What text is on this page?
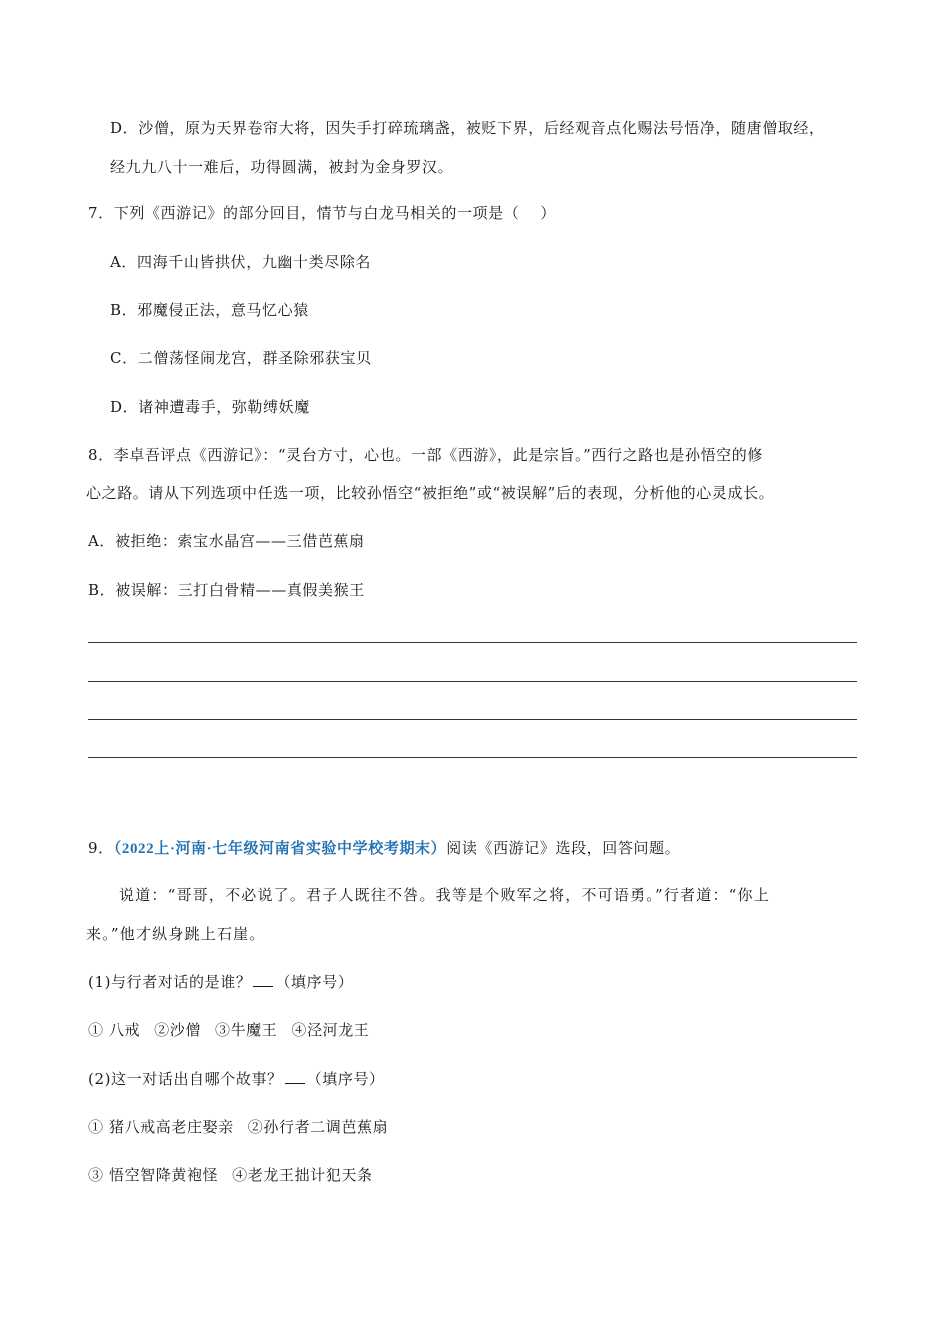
D．沙僧，原为天界卷帘大将，因失手打碎琉璃盏，被贬下界，后经观音点化赐法号悟净，随唐僧取经，
经九九八十一难后，功得圆满，被封为金身罗汉。
7．下列《西游记》的部分回目，情节与白龙马相关的一项是（　 ）
A．四海千山皆拱伏，九幽十类尽除名
B．邪魔侵正法，意马忆心猿
C．二僧荡怪闹龙宫，群圣除邪获宝贝
D．诸神遭毒手，弥勒缚妖魔
8．李卓吾评点《西游记》：“灵台方寸，心也。一部《西游》，此是宗旨。”西行之路也是孙悟空的修
心之路。请从下列选项中任选一项，比较孙悟空“被拒绝”或“被误解”后的表现，分析他的心灵成长。
A．被拒绝：索宝水晶宫——三借芭蕉扇
B．被误解：三打白骨精——真假美猴王
9．（2022上·河南·七年级河南省实验中学校考期末）阅读《西游记》选段，回答问题。
说道：“哥哥，不必说了。君子人既往不咎。我等是个败军之将，不可语勇。”行者道：“你上
来。”他才纵身跳上石崖。
(1)与行者对话的是谁？ （填序号）
① 八戒 ②沙僧 ③牛魔王 ④泾河龙王
(2)这一对话出自哪个故事？ （填序号）
① 猪八戒高老庄娶亲 ②孙行者二调芭蕉扇
③ 悟空智降黄袍怪 ④老龙王拙计犯天条
